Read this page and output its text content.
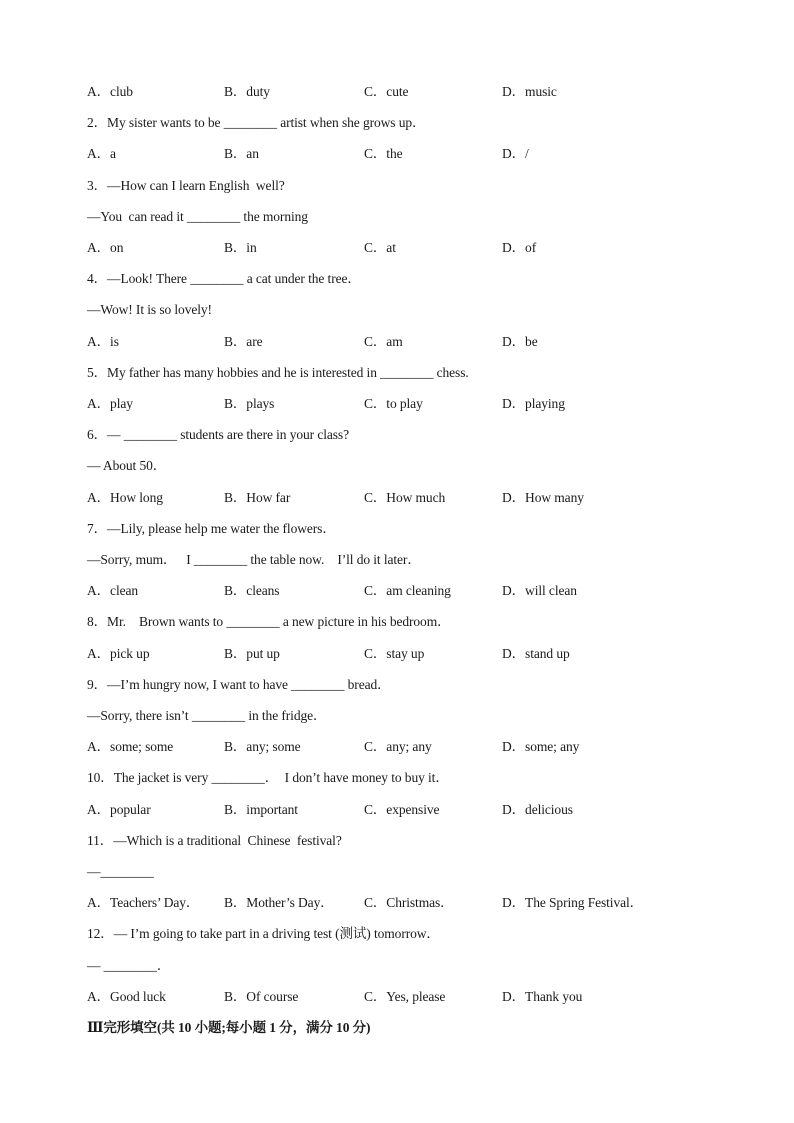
A．club	B．duty	C．cute	D．music
2．My sister wants to be ________ artist when she grows up．
A．a	B．an	C．the	D．/
3．—How can I learn English  well?
—You  can read it ________ the morning
A．on	B．in	C．at	D．of
4．—Look! There ________ a cat under the tree．
—Wow! It is so lovely!
A．is	B．are	C．am	D．be
5．My father has many hobbies and he is interested in ________ chess.
A．play	B．plays	C．to play	D．playing
6．— ________ students are there in your class?
— About 50．
A．How long	B．How far	C．How much	D．How many
7．—Lily, please help me water the flowers．
—Sorry, mum．   I ________ the table now.    I’ll do it later．
A．clean	B．cleans	C．am cleaning	D．will clean
8．Mr.    Brown wants to ________ a new picture in his bedroom．
A．pick up	B．put up	C．stay up	D．stand up
9．—I’m hungry now, I want to have ________ bread．
—Sorry, there isn’t ________ in the fridge．
A．some; some	B．any; some	C．any; any	D．some; any
10．The jacket is very ________．  I don’t have money to buy it．
A．popular	B．important	C．expensive	D．delicious
11．—Which is a traditional  Chinese  festival?
—________
A．Teachers’ Day． B．Mother’s Day． C．Christmas．	D．The Spring Festival．
12．— I’m going to take part in a driving test (测试) tomorrow．
— ________．
A．Good luck	B．Of course	C．Yes, please	D．Thank you
Ⅲ完形填空(共 10 小题;每小题 1 分，满分 10 分)
